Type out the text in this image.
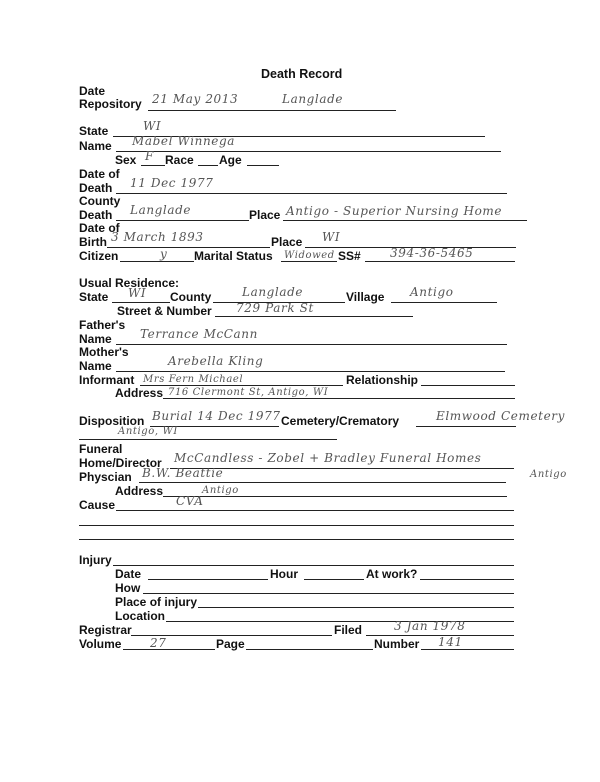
Death Record
Date
Repository 21 May 2013	Langlade
State	WI
Name Mabel Winnega
Sex F Race Age
Date of
Death 11 Dec 1977
County
Death Langlade	Place Antigo - Superior Nursing Home
Date of
Birth 3 March 1893	Place WI
Citizen	y Marital Status Widowed SS# 394-36-5465
Usual Residence:
State WI County	Langlade	Village Antigo
Street & Number 729 Park St
Father's
Name Terrance McCann
Mother's
Name	Arebella Kling
Informant Mrs Fern Michael	Relationship
Address 716 Clermont St, Antigo, WI
Disposition Burial 14 Dec 1977 Cemetery/Crematory	Elmwood Cemetery
Antigo, WI
Funeral
Home/Director McCandless - Zobel + Bradley Funeral Homes
Physcian B.W. Beattie	Antigo
Address	Antigo
Cause	CVA
Injury
Date	Hour	At work?
How
Place of injury
Location
Registrar	Filed	3 Jan 1978
Volume 27	Page	Number 141
